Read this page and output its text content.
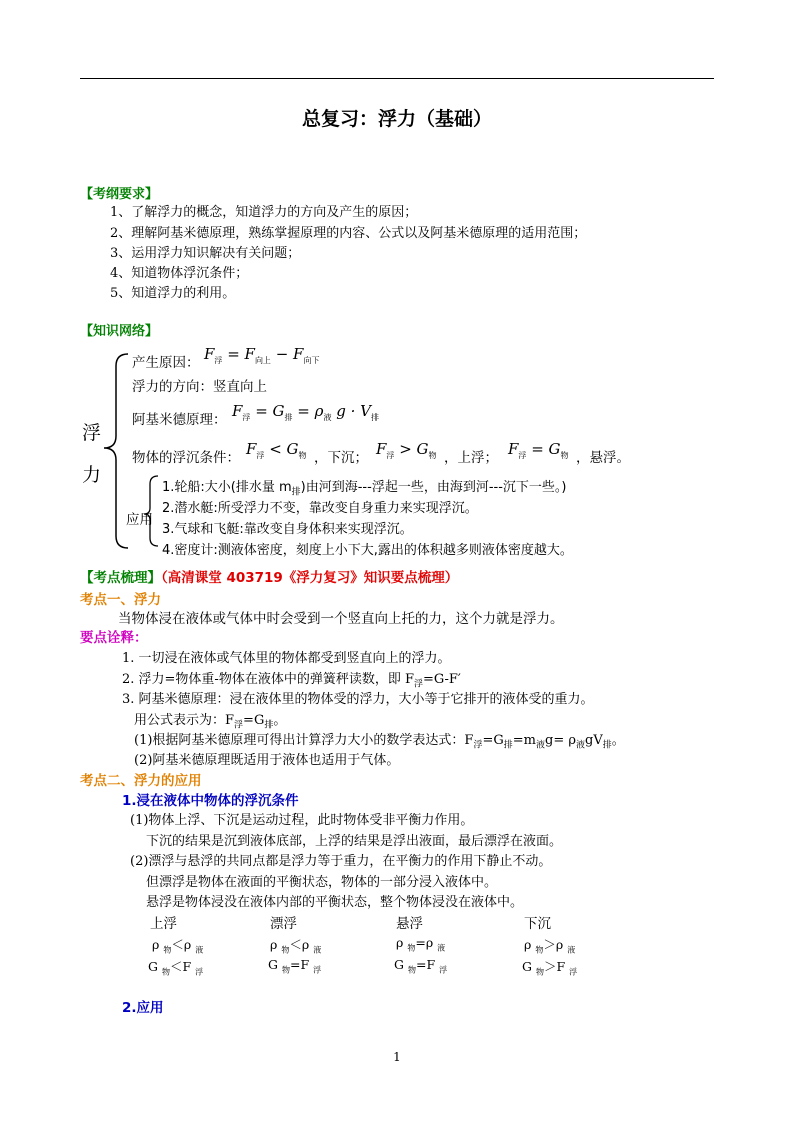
总复习：浮力（基础）
【考纲要求】
1、了解浮力的概念，知道浮力的方向及产生的原因；
2、理解阿基米德原理，熟练掌握原理的内容、公式以及阿基米德原理的适用范围；
3、运用浮力知识解决有关问题；
4、知道物体浮沉条件；
5、知道浮力的利用。
【知识网络】
浮
力
产生原因： $F_浮 = F_{向上} - F_{向下}$
浮力的方向：竖直向上
阿基米德原理： $F_浮 = G_排 = \rho_液$ $g \cdot V_排$
物体的浮沉条件： $F_浮 < G_物$ ，下沉； $F_浮 > G_物$ ，上浮； $F_浮 = G_物$ ，悬浮。
应用
1.轮船:大小(排水量 $m_排$)由河到海---浮起一些，由海到河---沉下一些。)
2.潜水艇:所受浮力不变，靠改变自身重力来实现浮沉。
3.气球和飞艇:靠改变自身体积来实现浮沉。
4.密度计:测液体密度，刻度上小下大,露出的体积越多则液体密度越大。
【考点梳理】（高清课堂 403719《浮力复习》知识要点梳理）
考点一、浮力
当物体浸在液体或气体中时会受到一个竖直向上托的力，这个力就是浮力。
要点诠释：
1. 一切浸在液体或气体里的物体都受到竖直向上的浮力。
2. 浮力=物体重-物体在液体中的弹簧秤读数，即 $F_浮=G-F'$
3. 阿基米德原理：浸在液体里的物体受的浮力，大小等于它排开的液体受的重力。
用公式表示为：$F_浮=G_排$。
(1)根据阿基米德原理可得出计算浮力大小的数学表达式：$F_浮=G_排=m_液g= \rho_液gV_排$。
(2)阿基米德原理既适用于液体也适用于气体。
考点二、浮力的应用
1.浸在液体中物体的浮沉条件
(1)物体上浮、下沉是运动过程，此时物体受非平衡力作用。
下沉的结果是沉到液体底部，上浮的结果是浮出液面，最后漂浮在液面。
(2)漂浮与悬浮的共同点都是浮力等于重力，在平衡力的作用下静止不动。
但漂浮是物体在液面的平衡状态，物体的一部分浸入液体中。
悬浮是物体浸没在液体内部的平衡状态，整个物体浸没在液体中。
上浮	漂浮	悬浮	下沉
ρ $_物$＜ρ $_液$	ρ $_物$＜ρ $_液$	ρ $_物$=ρ $_液$	ρ $_物$＞ρ $_液$
G $_物$＜F $_浮$	G $_物$=F $_浮$	G $_物$=F $_浮$	G $_物$＞F $_浮$
2.应用
1
